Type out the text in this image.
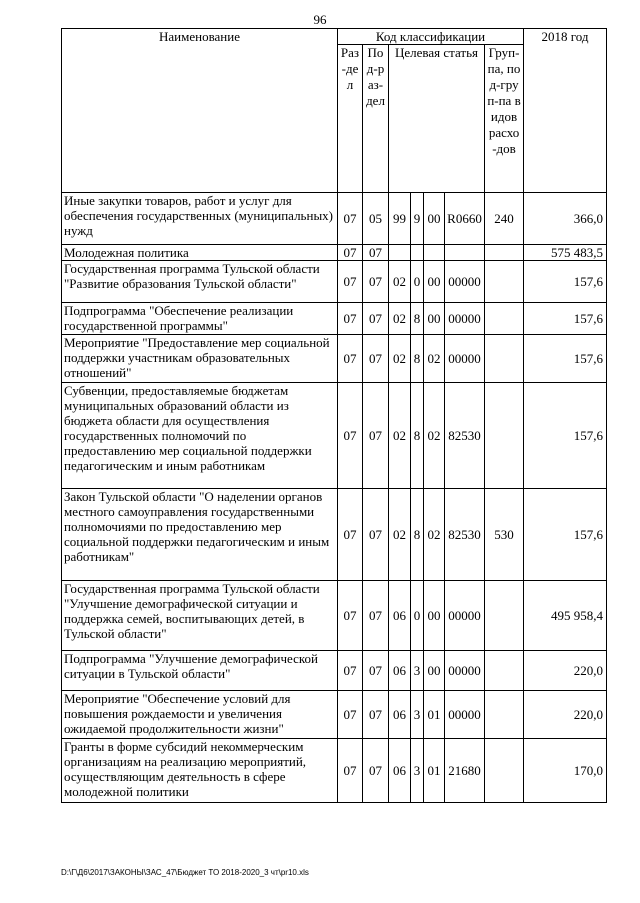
96
Наименование	Код классификации							2018 год

	Раз-дел	Под-раз-дел	Целевая статья				Груп-па, под-груп-па видов расхо-дов	

Иные закупки товаров, работ и услуг для обеспечения государственных (муниципальных) нужд	07	05	99	9	00	R0660	240	366,0
Молодежная политика	07	07						575 483,5
Государственная программа Тульской области "Развитие образования Тульской области"	07	07	02	0	00	00000		157,6
Подпрограмма "Обеспечение реализации государственной программы"	07	07	02	8	00	00000		157,6
Мероприятие "Предоставление мер социальной поддержки участникам образовательных отношений"	07	07	02	8	02	00000		157,6
Субвенции, предоставляемые бюджетам муниципальных образований области из бюджета области для осуществления государственных полномочий по предоставлению мер социальной поддержки педагогическим и иным работникам	07	07	02	8	02	82530		157,6
Закон Тульской области "О наделении органов местного самоуправления государственными полномочиями по предоставлению мер социальной поддержки педагогическим и иным работникам"	07	07	02	8	02	82530	530	157,6
Государственная программа Тульской области "Улучшение демографической ситуации и поддержка семей, воспитывающих детей, в Тульской области"	07	07	06	0	00	00000		495 958,4
Подпрограмма "Улучшение демографической ситуации в Тульской области"	07	07	06	3	00	00000		220,0
Мероприятие "Обеспечение условий для повышения рождаемости и увеличения ожидаемой продолжительности жизни"	07	07	06	3	01	00000		220,0
Гранты в форме субсидий некоммерческим организациям на реализацию мероприятий, осуществляющим деятельность в сфере молодежной политики	07	07	06	3	01	21680		170,0
D:\Г\Д6\2017\ЗАКОНЫ\ЗАС_47\Бюджет ТО 2018-2020_3 чт\pr10.xls
